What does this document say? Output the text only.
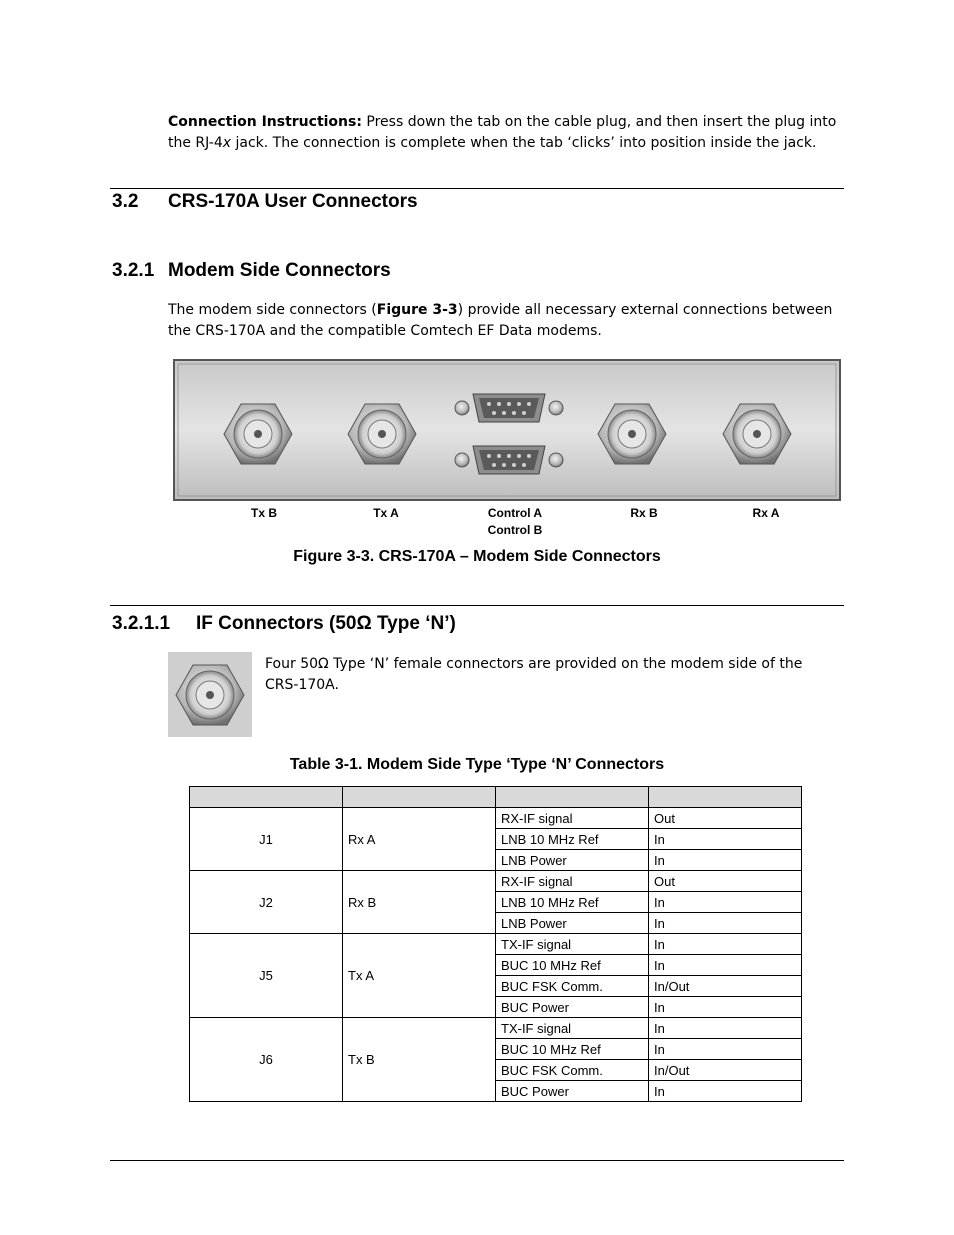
Connection Instructions: Press down the tab on the cable plug, and then insert the plug into the RJ-4x jack. The connection is complete when the tab ‘clicks’ into position inside the jack.
3.2 CRS-170A User Connectors
3.2.1 Modem Side Connectors
The modem side connectors (Figure 3-3) provide all necessary external connections between the CRS-170A and the compatible Comtech EF Data modems.
Tx B	Tx A	Control A
Control B
Rx B	Rx A
Figure 3-3. CRS-170A – Modem Side Connectors
3.2.1.1 IF Connectors (50Ω Type ‘N’)
Four 50Ω Type ‘N’ female connectors are provided on the modem side of the CRS-170A.
Table 3-1. Modem Side Type ‘Type ‘N’ Connectors

J1	Rx A	RX-IF signal	Out
		LNB 10 MHz Ref	In
		LNB Power	In
J2	Rx B	RX-IF signal	Out
		LNB 10 MHz Ref	In
		LNB Power	In
J5	Tx A	TX-IF signal	In
		BUC 10 MHz Ref	In
		BUC FSK Comm.	In/Out
		BUC Power	In
J6	Tx B	TX-IF signal	In
		BUC 10 MHz Ref	In
		BUC FSK Comm.	In/Out
		BUC Power	In
